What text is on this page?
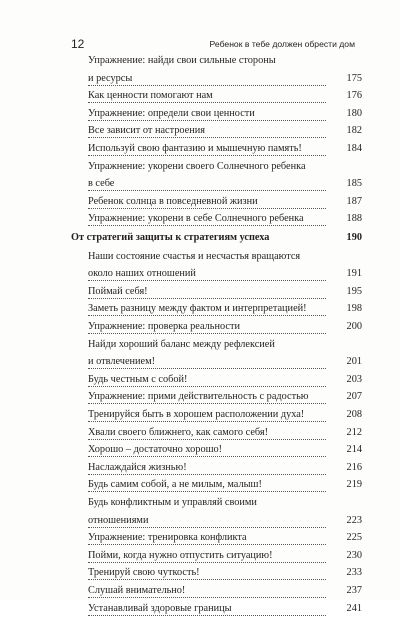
12	Ребенок в тебе должен обрести дом
Упражнение: найди свои сильные стороны
и ресурсы	175
Как ценности помогают нам	176
Упражнение: определи свои ценности	180
Все зависит от настроения	182
Используй свою фантазию и мышечную память!	184
Упражнение: укорени своего Солнечного ребенка
в себе	185
Ребенок солнца в повседневной жизни	187
Упражнение: укорени в себе Солнечного ребенка	188
От стратегий защиты к стратегиям успеха	190
Наши состояние счастья и несчастья вращаются
около наших отношений	191
Поймай себя!	195
Заметь разницу между фактом и интерпретацией!	198
Упражнение: проверка реальности	200
Найди хороший баланс между рефлексией
и отвлечением!	201
Будь честным с собой!	203
Упражнение: прими действительность с радостью	207
Тренируйся быть в хорошем расположении духа!	208
Хвали своего ближнего, как самого себя!	212
Хорошо – достаточно хорошо!	214
Наслаждайся жизнью!	216
Будь самим собой, а не милым, малыш!	219
Будь конфликтным и управляй своими
отношениями	223
Упражнение: тренировка конфликта	225
Пойми, когда нужно отпустить ситуацию!	230
Тренируй свою чуткость!	233
Слушай внимательно!	237
Устанавливай здоровые границы	241
